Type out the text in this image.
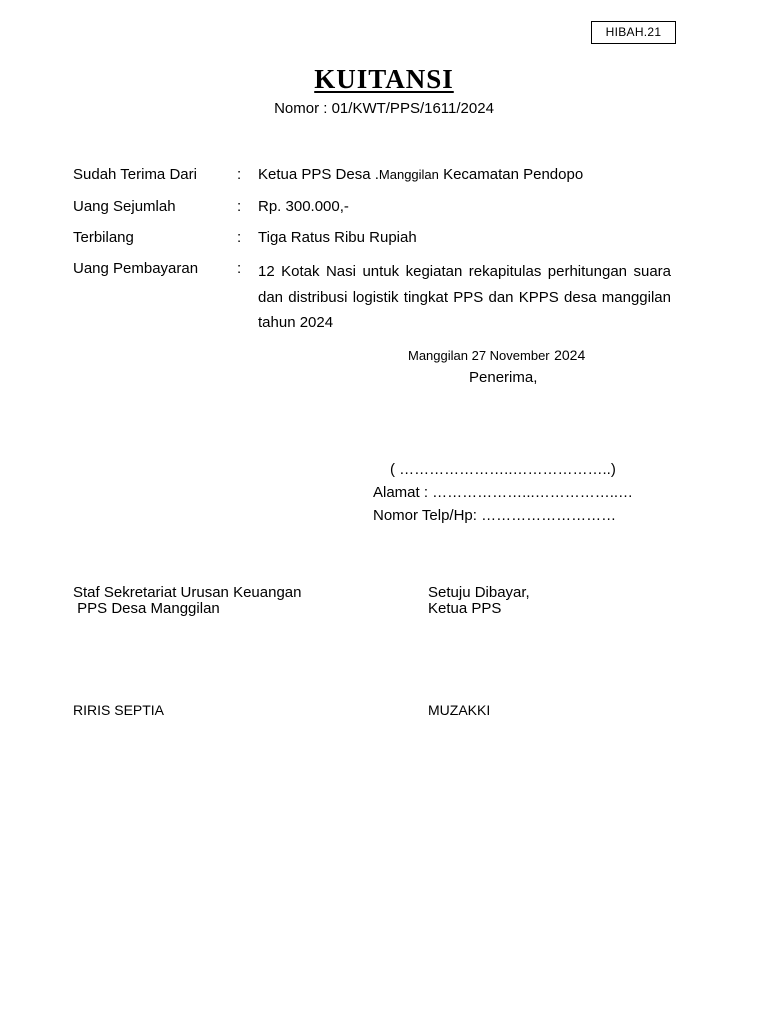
HIBAH.21
KUITANSI
Nomor : 01/KWT/PPS/1611/2024
Sudah Terima Dari	: Ketua PPS Desa .Manggilan Kecamatan Pendopo
Uang Sejumlah	: Rp. 300.000,-
Terbilang	: Tiga Ratus Ribu Rupiah
Uang Pembayaran	: 12 Kotak Nasi untuk kegiatan rekapitulas perhitungan suara dan distribusi logistik tingkat PPS dan KPPS desa manggilan tahun 2024
Manggilan 27 November 2024
Penerima,
( …………………..………………..)
Alamat : ………………...……………..…
Nomor Telp/Hp: ………………………
Staf Sekretariat Urusan Keuangan
PPS Desa Manggilan
Setuju Dibayar,
Ketua PPS
RIRIS SEPTIA	MUZAKKI
